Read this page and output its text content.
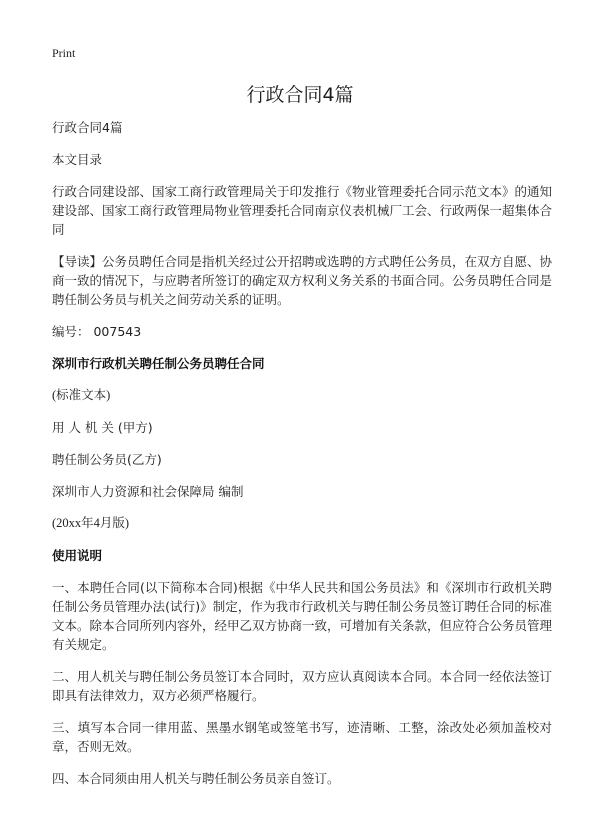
Print
行政合同4篇

行政合同4篇

本文目录

行政合同建设部、国家工商行政管理局关于印发推行《物业管理委托合同示范文本》的通知建设部、国家工商行政管理局物业管理委托合同南京仪表机械厂工会、行政两保一超集体合同

【导读】公务员聘任合同是指机关经过公开招聘或选聘的方式聘任公务员，在双方自愿、协商一致的情况下，与应聘者所签订的确定双方权利义务关系的书面合同。公务员聘任合同是聘任制公务员与机关之间劳动关系的证明。

编号： 007543

深圳市行政机关聘任制公务员聘任合同

(标准文本)

用 人 机 关 (甲方)

聘任制公务员(乙方)

深圳市人力资源和社会保障局 编制

(20xx年4月版)

使用说明

一、本聘任合同(以下简称本合同)根据《中华人民共和国公务员法》和《深圳市行政机关聘任制公务员管理办法(试行)》制定，作为我市行政机关与聘任制公务员签订聘任合同的标准文本。除本合同所列内容外，经甲乙双方协商一致，可增加有关条款，但应符合公务员管理有关规定。

二、用人机关与聘任制公务员签订本合同时，双方应认真阅读本合同。本合同一经依法签订即具有法律效力，双方必须严格履行。

三、填写本合同一律用蓝、黑墨水钢笔或签笔书写，迹清晰、工整，涂改处必须加盖校对章，否则无效。

四、本合同须由用人机关与聘任制公务员亲自签订。
